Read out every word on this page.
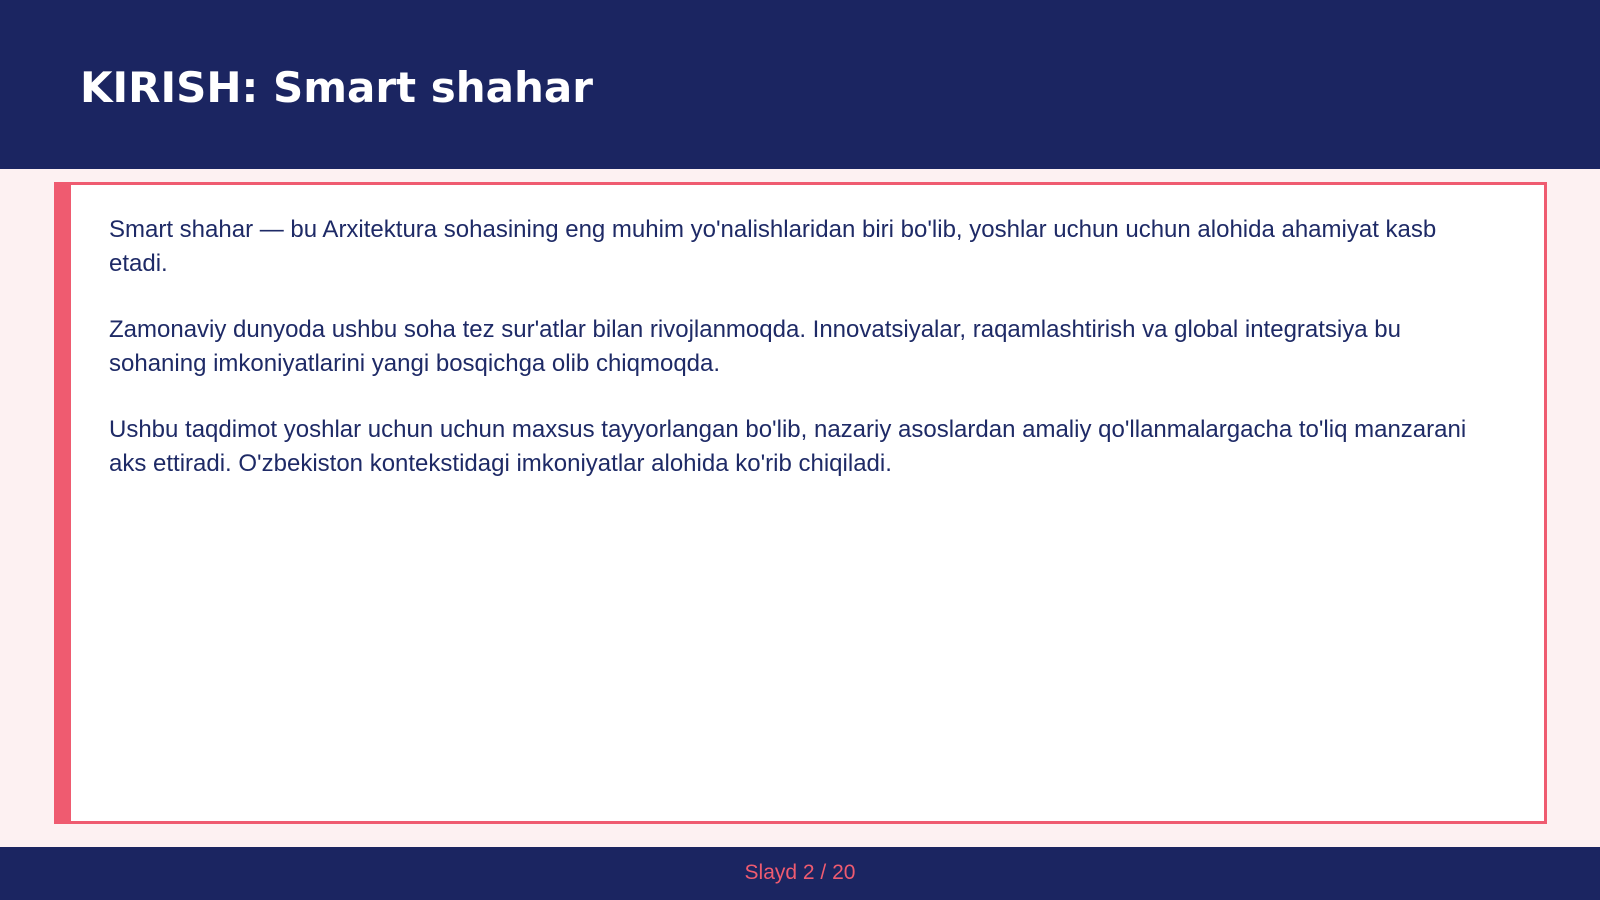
KIRISH: Smart shahar

Smart shahar — bu Arxitektura sohasining eng muhim yo'nalishlaridan biri bo'lib, yoshlar uchun uchun alohida ahamiyat kasb etadi.

Zamonaviy dunyoda ushbu soha tez sur'atlar bilan rivojlanmoqda. Innovatsiyalar, raqamlashtirish va global integratsiya bu sohaning imkoniyatlarini yangi bosqichga olib chiqmoqda.

Ushbu taqdimot yoshlar uchun uchun maxsus tayyorlangan bo'lib, nazariy asoslardan amaliy qo'llanmalargacha to'liq manzarani aks ettiradi. O'zbekiston kontekstidagi imkoniyatlar alohida ko'rib chiqiladi.

Slayd 2 / 20
